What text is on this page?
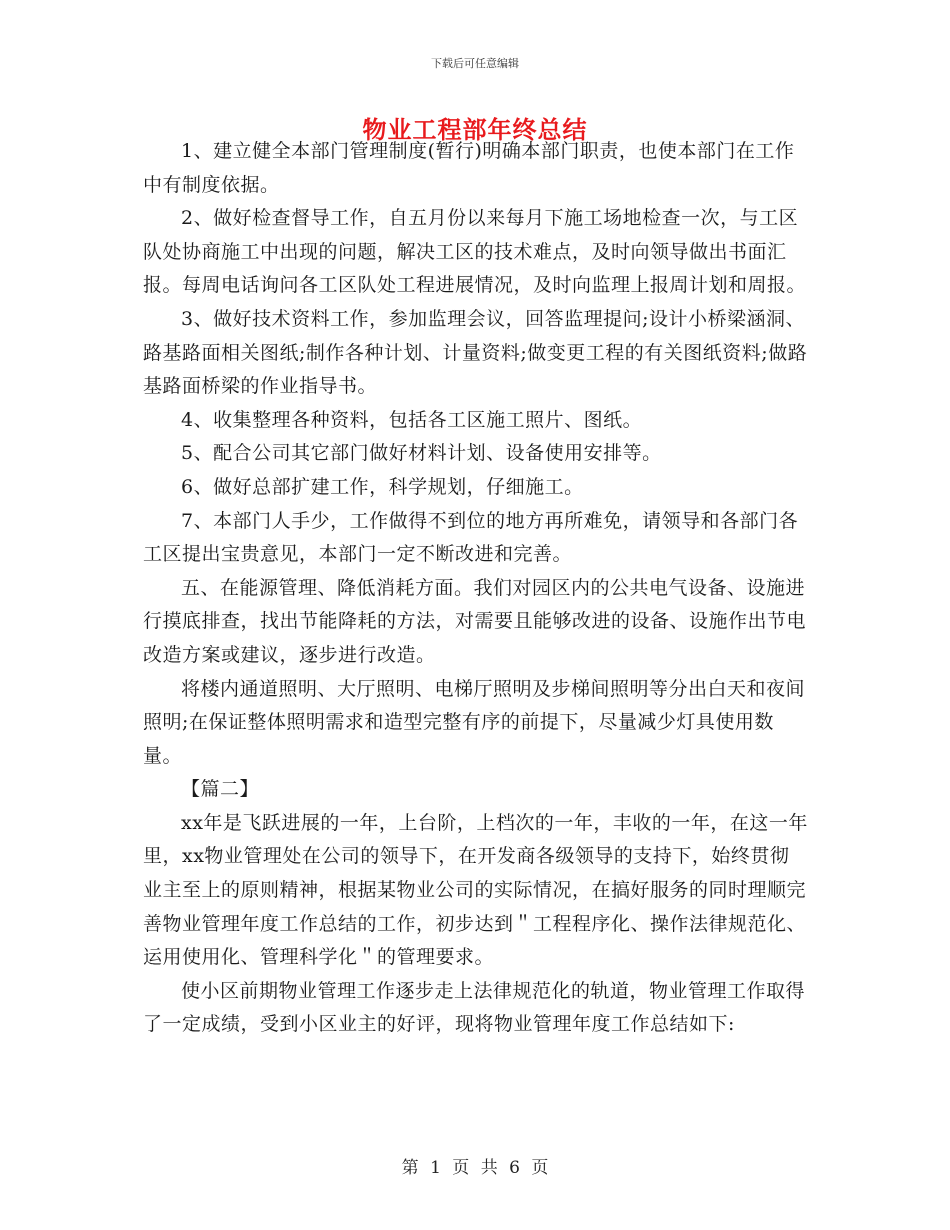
下载后可任意编辑
物业工程部年终总结

1、建立健全本部门管理制度(暂行)明确本部门职责，也使本部门在工作中有制度依据。

2、做好检查督导工作，自五月份以来每月下施工场地检查一次，与工区队处协商施工中出现的问题，解决工区的技术难点，及时向领导做出书面汇报。每周电话询问各工区队处工程进展情况，及时向监理上报周计划和周报。

3、做好技术资料工作，参加监理会议，回答监理提问;设计小桥梁涵洞、路基路面相关图纸;制作各种计划、计量资料;做变更工程的有关图纸资料;做路基路面桥梁的作业指导书。

4、收集整理各种资料，包括各工区施工照片、图纸。

5、配合公司其它部门做好材料计划、设备使用安排等。

6、做好总部扩建工作，科学规划，仔细施工。

7、本部门人手少，工作做得不到位的地方再所难免，请领导和各部门各工区提出宝贵意见，本部门一定不断改进和完善。

五、在能源管理、降低消耗方面。我们对园区内的公共电气设备、设施进行摸底排查，找出节能降耗的方法，对需要且能够改进的设备、设施作出节电改造方案或建议，逐步进行改造。

将楼内通道照明、大厅照明、电梯厅照明及步梯间照明等分出白天和夜间照明;在保证整体照明需求和造型完整有序的前提下，尽量减少灯具使用数量。

【篇二】

xx年是飞跃进展的一年，上台阶，上档次的一年，丰收的一年，在这一年里，xx物业管理处在公司的领导下，在开发商各级领导的支持下，始终贯彻业主至上的原则精神，根据某物业公司的实际情况，在搞好服务的同时理顺完善物业管理年度工作总结的工作，初步达到＂工程程序化、操作法律规范化、运用使用化、管理科学化＂的管理要求。

使小区前期物业管理工作逐步走上法律规范化的轨道，物业管理工作取得了一定成绩，受到小区业主的好评，现将物业管理年度工作总结如下:

第 1 页 共 6 页
